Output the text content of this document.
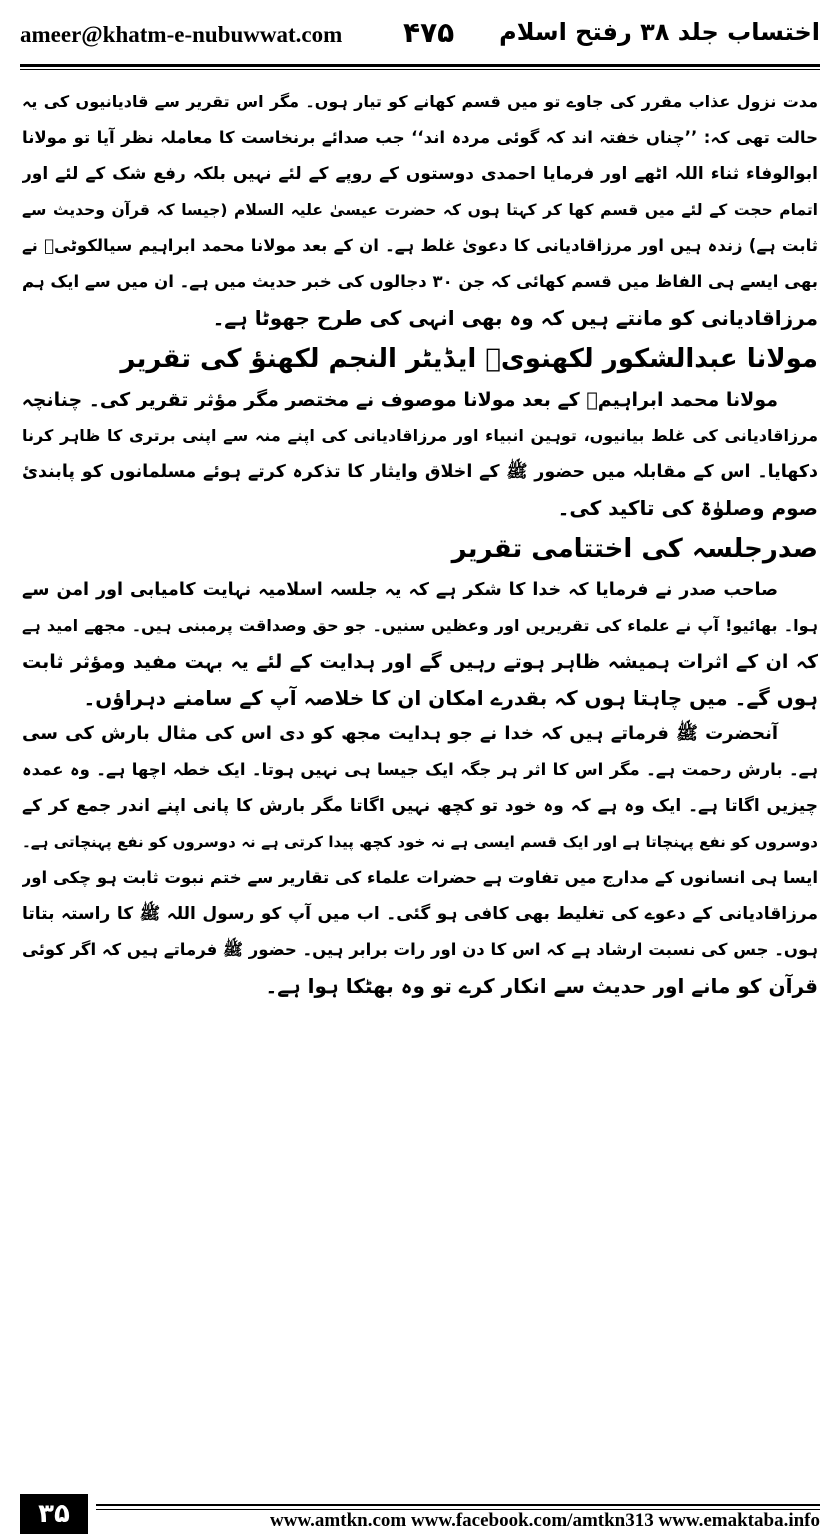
ameer@khatm-e-nubuwwat.com ۴۷۵ اختساب جلد ۳۸ رفتح اسلام
مدت نزول عذاب مقرر کی جاوے تو میں قسم کھانے کو تیار ہوں۔ مگر اس تقریر سے قادیانیوں کی یہ
حالت تھی کہ: ’’چناں خفتہ اند کہ گوئی مردہ اند‘‘ جب صدائے برنخاست کا معاملہ نظر آیا تو مولانا
ابوالوفاء ثناء اللہ اٹھے اور فرمایا احمدی دوستوں کے روپے کے لئے نہیں بلکہ رفع شک کے لئے اور
اتمام حجت کے لئے میں قسم کھا کر کہتا ہوں کہ حضرت عیسیٰ علیہ السلام (جیسا کہ قرآن وحدیث سے
ثابت ہے) زندہ ہیں اور مرزاقادیانی کا دعویٰ غلط ہے۔ ان کے بعد مولانا محمد ابراہیم سیالکوٹیؒ نے
بھی ایسے ہی الفاظ میں قسم کھائی کہ جن ۳۰ دجالوں کی خبر حدیث میں ہے۔ ان میں سے ایک ہم
مرزاقادیانی کو مانتے ہیں کہ وہ بھی انہی کی طرح جھوٹا ہے۔
مولانا عبدالشکور لکھنویؒ ایڈیٹر النجم لکھنؤ کی تقریر
مولانا محمد ابراہیمؒ کے بعد مولانا موصوف نے مختصر مگر مؤثر تقریر کی۔ چنانچہ
مرزاقادیانی کی غلط بیانیوں، توہین انبیاء اور مرزاقادیانی کی اپنے منہ سے اپنی برتری کا ظاہر کرنا
دکھایا۔ اس کے مقابلہ میں حضور ﷺ کے اخلاق وایثار کا تذکرہ کرتے ہوئے مسلمانوں کو پابندیٔ
صوم وصلوٰۃ کی تاکید کی۔
صدرجلسہ کی اختتامی تقریر
صاحب صدر نے فرمایا کہ خدا کا شکر ہے کہ یہ جلسہ اسلامیہ نہایت کامیابی اور امن سے
ہوا۔ بھائیو! آپ نے علماء کی تقریریں اور وعظیں سنیں۔ جو حق وصداقت پرمبنی ہیں۔ مجھے امید ہے
کہ ان کے اثرات ہمیشہ ظاہر ہوتے رہیں گے اور ہدایت کے لئے یہ بہت مفید ومؤثر ثابت
ہوں گے۔ میں چاہتا ہوں کہ بقدرے امکان ان کا خلاصہ آپ کے سامنے دہراؤں۔
آنحضرت ﷺ فرماتے ہیں کہ خدا نے جو ہدایت مجھ کو دی اس کی مثال بارش کی سی
ہے۔ بارش رحمت ہے۔ مگر اس کا اثر ہر جگہ ایک جیسا ہی نہیں ہوتا۔ ایک خطہ اچھا ہے۔ وہ عمدہ
چیزیں اگاتا ہے۔ ایک وہ ہے کہ وہ خود تو کچھ نہیں اگاتا مگر بارش کا پانی اپنے اندر جمع کر کے
دوسروں کو نفع پہنچاتا ہے اور ایک قسم ایسی ہے نہ خود کچھ پیدا کرتی ہے نہ دوسروں کو نفع پہنچاتی ہے۔
ایسا ہی انسانوں کے مدارج میں تفاوت ہے حضرات علماء کی تقاریر سے ختم نبوت ثابت ہو چکی اور
مرزاقادیانی کے دعوے کی تغلیط بھی کافی ہو گئی۔ اب میں آپ کو رسول اللہ ﷺ کا راستہ بتاتا
ہوں۔ جس کی نسبت ارشاد ہے کہ اس کا دن اور رات برابر ہیں۔ حضور ﷺ فرماتے ہیں کہ اگر کوئی
قرآن کو مانے اور حدیث سے انکار کرے تو وہ بھٹکا ہوا ہے۔
۳۵	www.amtkn.com www.facebook.com/amtkn313 www.emaktaba.info
